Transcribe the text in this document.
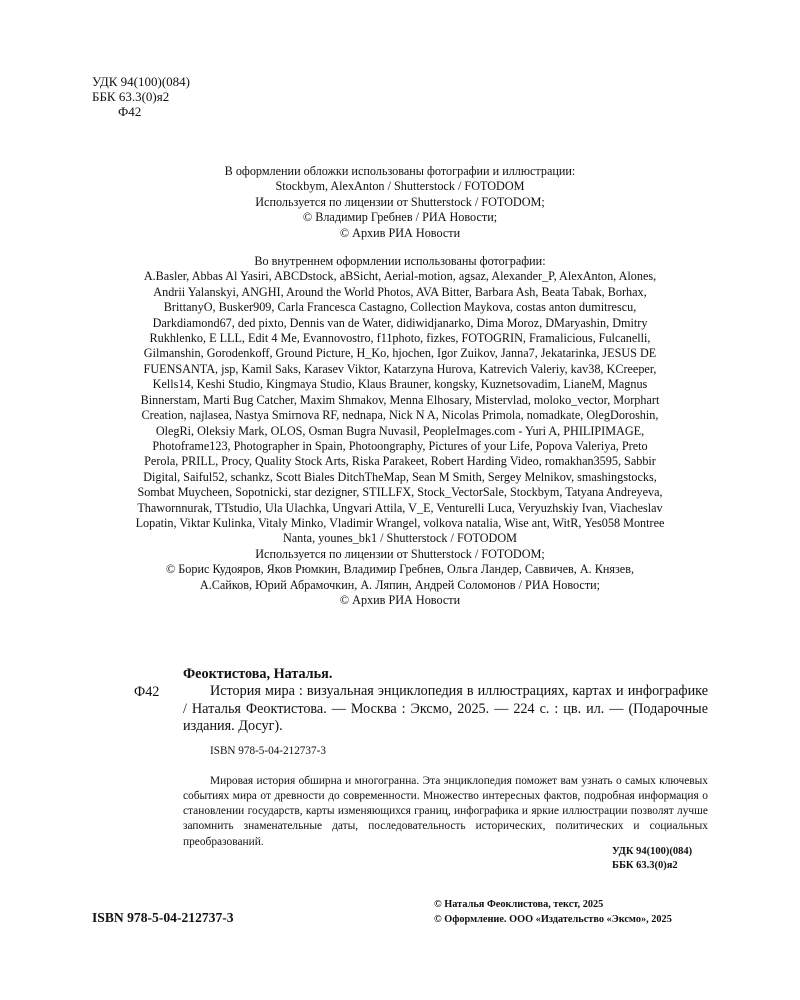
УДК 94(100)(084)
ББК 63.3(0)я2
Ф42
В оформлении обложки использованы фотографии и иллюстрации:
Stockbym, AlexAnton / Shutterstock / FOTODOM
Используется по лицензии от Shutterstock / FOTODOM;
© Владимир Гребнев / РИА Новости;
© Архив РИА Новости
Во внутреннем оформлении использованы фотографии:
A.Basler, Abbas Al Yasiri, ABCDstock, aBSicht, Aerial-motion, agsaz, Alexander_P, AlexAnton, Alones,
Andrii Yalanskyi, ANGHI, Around the World Photos, AVA Bitter, Barbara Ash, Beata Tabak, Borhax,
BrittanyO, Busker909, Carla Francesca Castagno, Collection Maykova, costas anton dumitrescu,
Darkdiamond67, ded pixto, Dennis van de Water, didiwidjanarko, Dima Moroz, DMaryashin, Dmitry
Rukhlenko, E LLL, Edit 4 Me, Evannovostro, f11photo, fizkes, FOTOGRIN, Framalicious, Fulcanelli,
Gilmanshin, Gorodenkoff, Ground Picture, H_Ko, hjochen, Igor Zuikov, Janna7, Jekatarinka, JESUS DE
FUENSANTA, jsp, Kamil Saks, Karasev Viktor, Katarzyna Hurova, Katrevich Valeriy, kav38, KCreeper,
Kells14, Keshi Studio, Kingmaya Studio, Klaus Brauner, kongsky, Kuznetsovadim, LianeM, Magnus
Binnerstam, Marti Bug Catcher, Maxim Shmakov, Menna Elhosary, Mistervlad, moloko_vector, Morphart
Creation, najlasea, Nastya Smirnova RF, nednapa, Nick N A, Nicolas Primola, nomadkate, OlegDoroshin,
OlegRi, Oleksiy Mark, OLOS, Osman Bugra Nuvasil, PeopleImages.com - Yuri A, PHILIPIMAGE,
Photoframe123, Photographer in Spain, Photoongraphy, Pictures of your Life, Popova Valeriya, Preto
Perola, PRILL, Procy, Quality Stock Arts, Riska Parakeet, Robert Harding Video, romakhan3595, Sabbir
Digital, Saiful52, schankz, Scott Biales DitchTheMap, Sean M Smith, Sergey Melnikov, smashingstocks,
Sombat Muycheen, Sopotnicki, star dezigner, STILLFX, Stock_VectorSale, Stockbym, Tatyana Andreyeva,
Thawornnurak, TTstudio, Ula Ulachka, Ungvari Attila, V_E, Venturelli Luca, Veryuzhskiy Ivan, Viacheslav
Lopatin, Viktar Kulinka, Vitaly Minko, Vladimir Wrangel, volkova natalia, Wise ant, WitR, Yes058 Montree
Nanta, younes_bk1 / Shutterstock / FOTODOM
Используется по лицензии от Shutterstock / FOTODOM;
© Борис Кудояров, Яков Рюмкин, Владимир Гребнев, Ольга Ландер, Саввичев, А. Князев,
А.Сайков, Юрий Абрамочкин, А. Ляпин, Андрей Соломонов / РИА Новости;
© Архив РИА Новости
Феоктистова, Наталья.
Ф42	История мира : визуальная энциклопедия в иллюстрациях, картах и инфографике / Наталья Феоктистова. — Москва : Эксмо, 2025. — 224 с. : цв. ил. — (Подарочные издания. Досуг).
ISBN 978-5-04-212737-3
Мировая история обширна и многогранна. Эта энциклопедия поможет вам узнать о самых ключевых событиях мира от древности до современности. Множество интересных фактов, подробная информация о становлении государств, карты изменяющихся границ, инфографика и яркие иллюстрации позволят лучше запомнить знаменательные даты, последовательность исторических, политических и социальных преобразований.
УДК 94(100)(084)
ББК 63.3(0)я2
ISBN 978-5-04-212737-3
© Наталья Феоклистова, текст, 2025
© Оформление. ООО «Издательство «Эксмо», 2025
